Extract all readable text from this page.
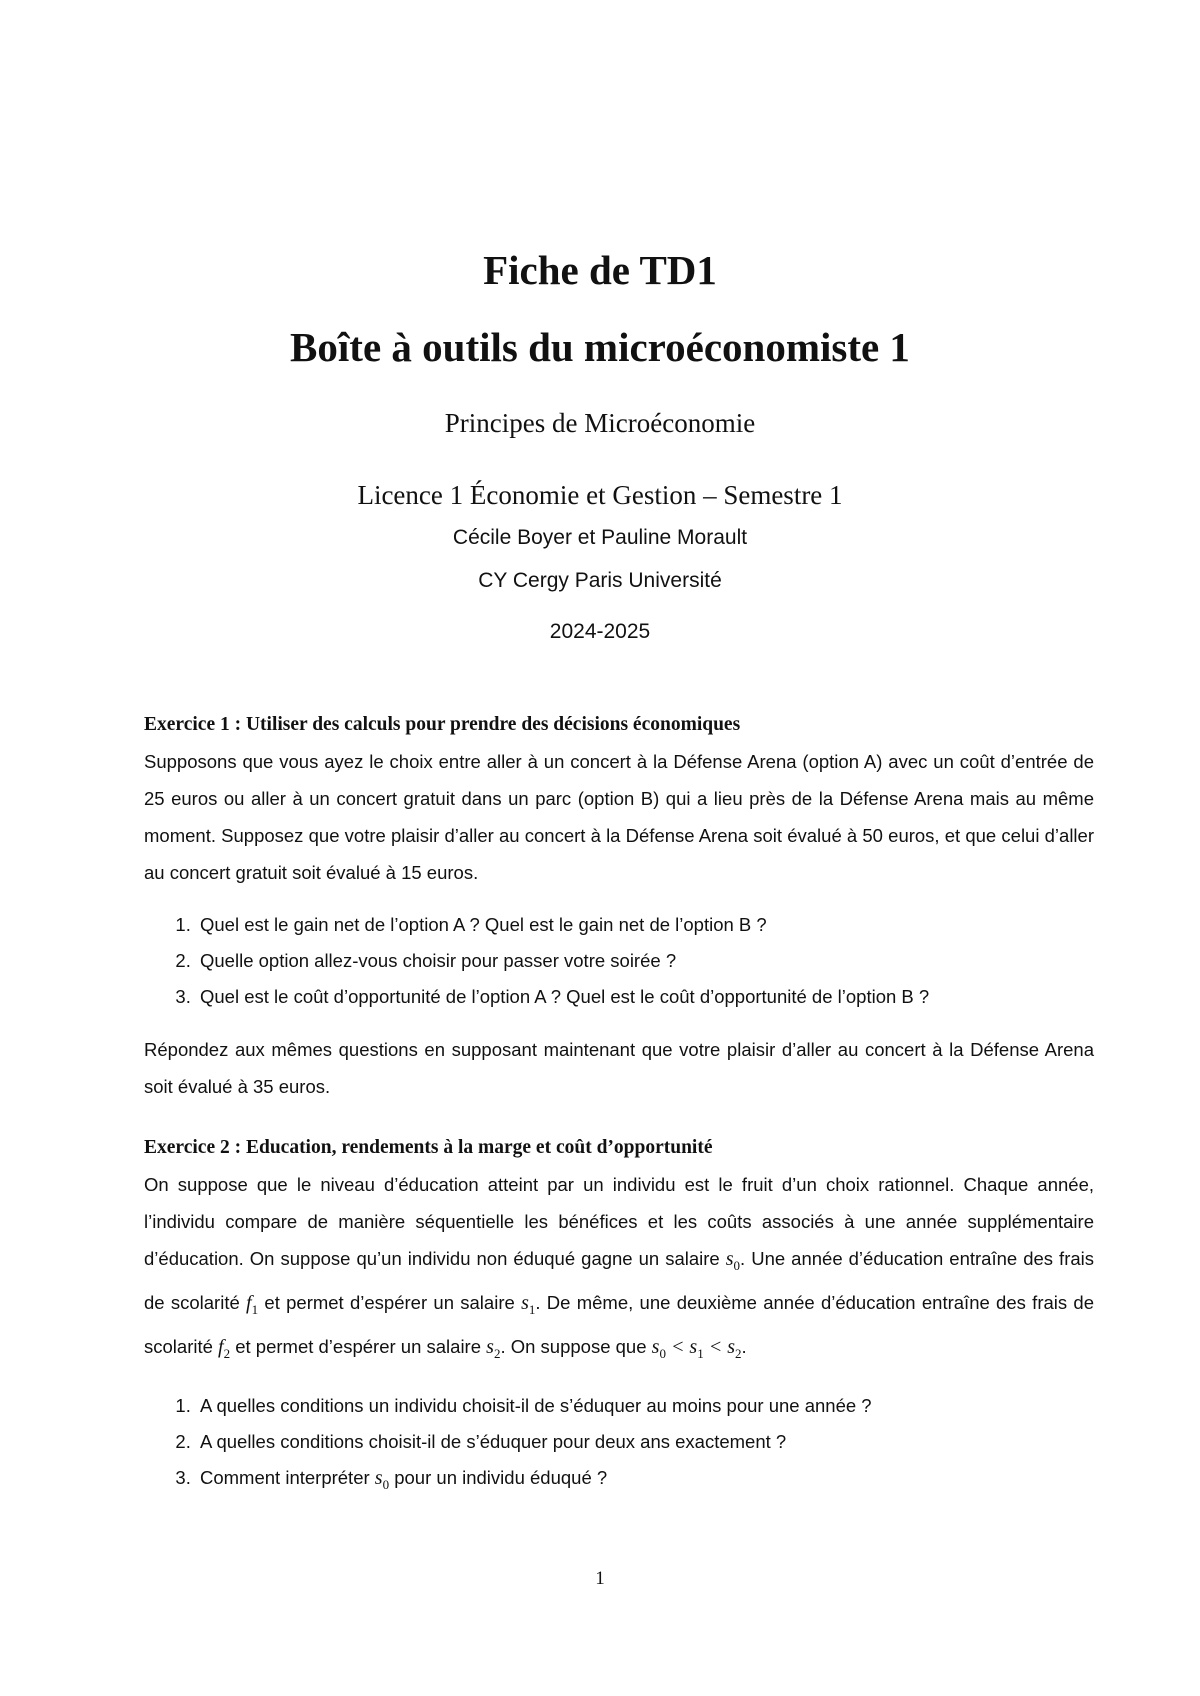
Fiche de TD1
Boîte à outils du microéconomiste 1
Principes de Microéconomie
Licence 1 Économie et Gestion – Semestre 1
Cécile Boyer et Pauline Morault
CY Cergy Paris Université
2024-2025
Exercice 1 : Utiliser des calculs pour prendre des décisions économiques

Supposons que vous ayez le choix entre aller à un concert à la Défense Arena (option A) avec un coût d’entrée de 25 euros ou aller à un concert gratuit dans un parc (option B) qui a lieu près de la Défense Arena mais au même moment. Supposez que votre plaisir d’aller au concert à la Défense Arena soit évalué à 50 euros, et que celui d’aller au concert gratuit soit évalué à 15 euros.

1. Quel est le gain net de l’option A ? Quel est le gain net de l’option B ?
2. Quelle option allez-vous choisir pour passer votre soirée ?
3. Quel est le coût d’opportunité de l’option A ? Quel est le coût d’opportunité de l’option B ?

Répondez aux mêmes questions en supposant maintenant que votre plaisir d’aller au concert à la Défense Arena soit évalué à 35 euros.

Exercice 2 : Education, rendements à la marge et coût d’opportunité

On suppose que le niveau d’éducation atteint par un individu est le fruit d’un choix rationnel. Chaque année, l’individu compare de manière séquentielle les bénéfices et les coûts associés à une année supplémentaire d’éducation. On suppose qu’un individu non éduqué gagne un salaire $s_0$. Une année d’éducation entraîne des frais de scolarité $f_1$ et permet d’espérer un salaire $s_1$. De même, une deuxième année d’éducation entraîne des frais de scolarité $f_2$ et permet d’espérer un salaire $s_2$. On suppose que $s_0 < s_1 < s_2$.

1. A quelles conditions un individu choisit-il de s’éduquer au moins pour une année ?
2. A quelles conditions choisit-il de s’éduquer pour deux ans exactement ?
3. Comment interpréter $s_0$ pour un individu éduqué ?
1
